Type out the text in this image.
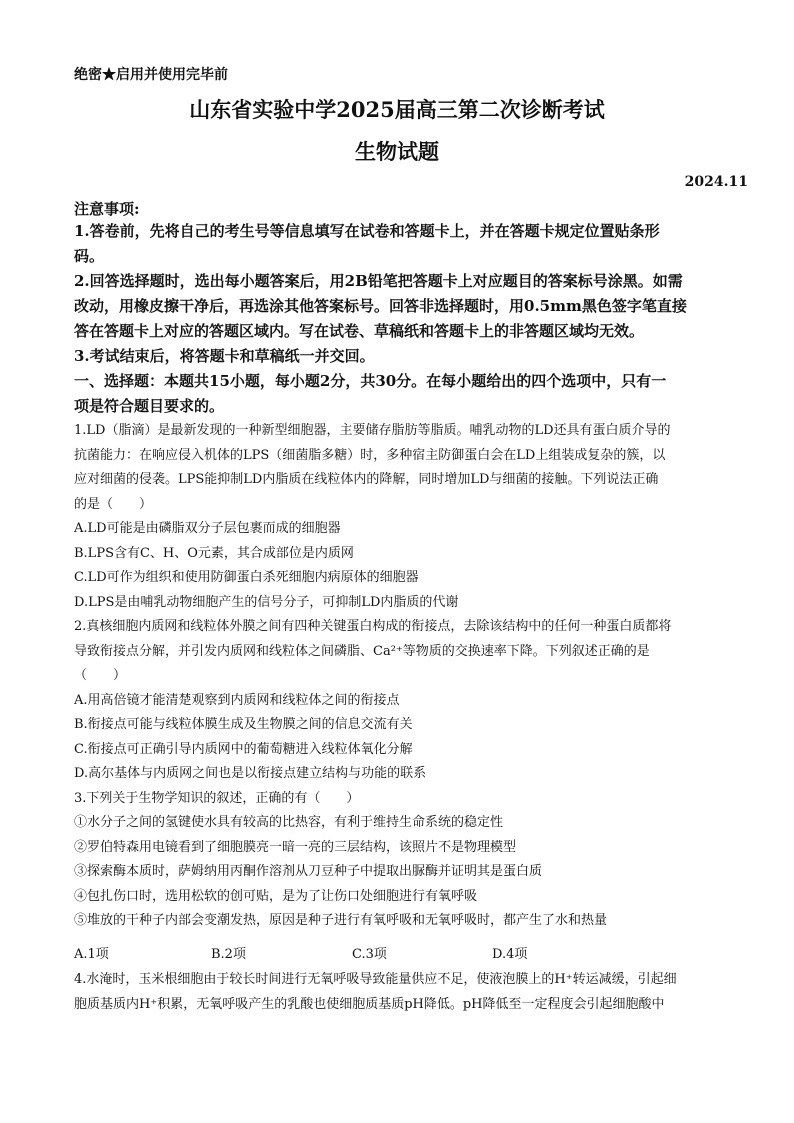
绝密★启用并使用完毕前
山东省实验中学2025届高三第二次诊断考试
生物试题
2024.11
注意事项:
1.答卷前，先将自己的考生号等信息填写在试卷和答题卡上，并在答题卡规定位置贴条形
码。
2.回答选择题时，选出每小题答案后，用2B铅笔把答题卡上对应题目的答案标号涂黑。如需
改动，用橡皮擦干净后，再选涂其他答案标号。回答非选择题时，用0.5mm黑色签字笔直接
答在答题卡上对应的答题区域内。写在试卷、草稿纸和答题卡上的非答题区域均无效。
3.考试结束后，将答题卡和草稿纸一并交回。
一、选择题：本题共15小题，每小题2分，共30分。在每小题给出的四个选项中，只有一
项是符合题目要求的。
1.LD（脂滴）是最新发现的一种新型细胞器，主要储存脂肪等脂质。哺乳动物的LD还具有蛋白质介导的
抗菌能力：在响应侵入机体的LPS（细菌脂多糖）时，多种宿主防御蛋白会在LD上组装成复杂的簇，以
应对细菌的侵袭。LPS能抑制LD内脂质在线粒体内的降解，同时增加LD与细菌的接触。下列说法正确
的是（　　）
A.LD可能是由磷脂双分子层包裹而成的细胞器
B.LPS含有C、H、O元素，其合成部位是内质网
C.LD可作为组织和使用防御蛋白杀死细胞内病原体的细胞器
D.LPS是由哺乳动物细胞产生的信号分子，可抑制LD内脂质的代谢
2.真核细胞内质网和线粒体外膜之间有四种关键蛋白构成的衔接点，去除该结构中的任何一种蛋白质都将
导致衔接点分解，并引发内质网和线粒体之间磷脂、Ca²⁺等物质的交换速率下降。下列叙述正确的是
（　　）
A.用高倍镜才能清楚观察到内质网和线粒体之间的衔接点
B.衔接点可能与线粒体膜生成及生物膜之间的信息交流有关
C.衔接点可正确引导内质网中的葡萄糖进入线粒体氧化分解
D.高尔基体与内质网之间也是以衔接点建立结构与功能的联系
3.下列关于生物学知识的叙述，正确的有（　　）
①水分子之间的氢键使水具有较高的比热容，有利于维持生命系统的稳定性
②罗伯特森用电镜看到了细胞膜亮一暗一亮的三层结构，该照片不是物理模型
③探索酶本质时，萨姆纳用丙酮作溶剂从刀豆种子中提取出脲酶并证明其是蛋白质
④包扎伤口时，选用松软的创可贴，是为了让伤口处细胞进行有氧呼吸
⑤堆放的干种子内部会变潮发热，原因是种子进行有氧呼吸和无氧呼吸时，都产生了水和热量
A.1项	B.2项	C.3项	D.4项
4.水淹时，玉米根细胞由于较长时间进行无氧呼吸导致能量供应不足，使液泡膜上的H⁺转运减缓，引起细
胞质基质内H⁺积累，无氧呼吸产生的乳酸也使细胞质基质pH降低。pH降低至一定程度会引起细胞酸中
